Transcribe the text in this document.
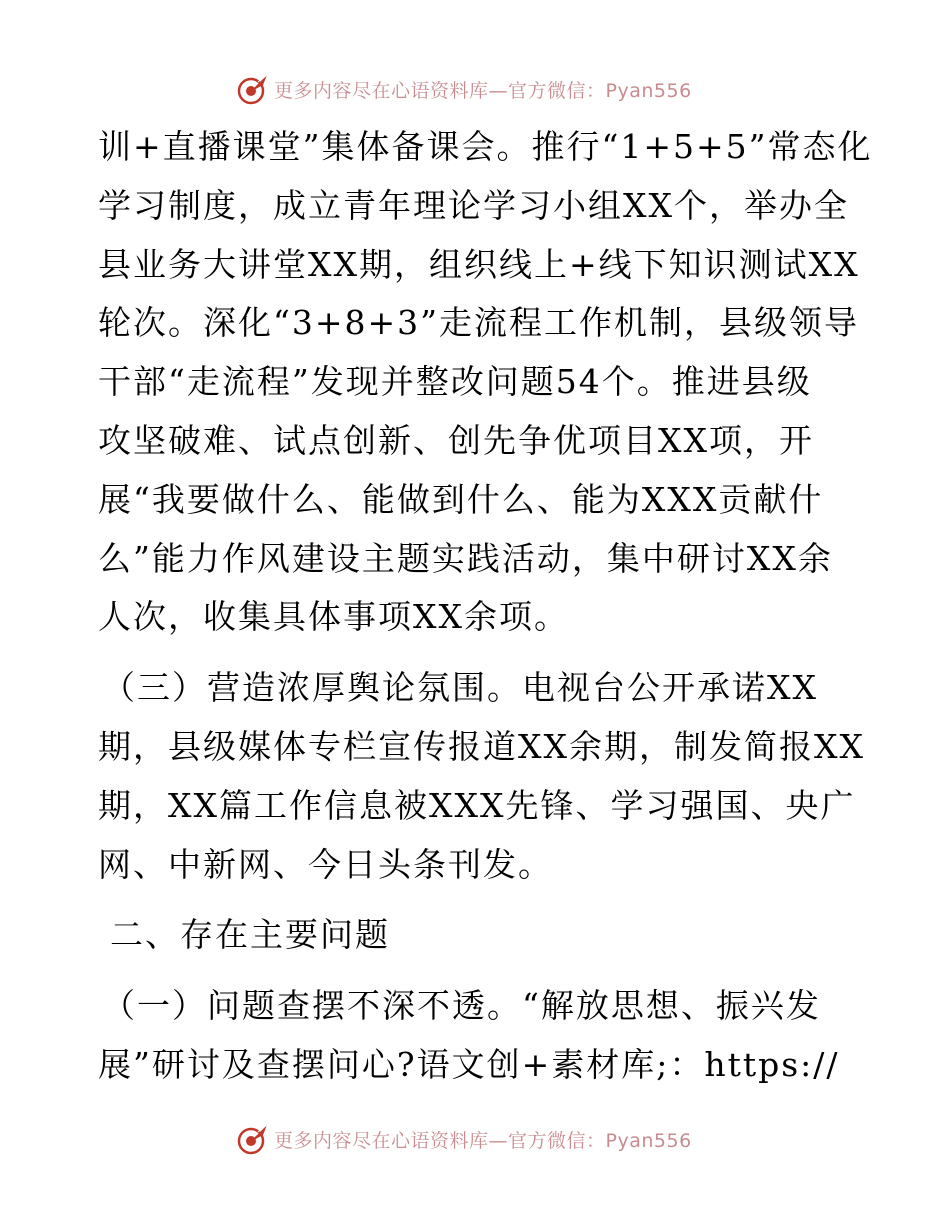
更多内容尽在心语资料库—官方微信：Pyan556
训+直播课堂”集体备课会。推行“1+5+5”常态化
学习制度，成立青年理论学习小组XX个，举办全
县业务大讲堂XX期，组织线上+线下知识测试XX
轮次。深化“3+8+3”走流程工作机制，县级领导
干部“走流程”发现并整改问题54个。推进县级
攻坚破难、试点创新、创先争优项目XX项，开
展“我要做什么、能做到什么、能为XXX贡献什
么”能力作风建设主题实践活动，集中研讨XX余
人次，收集具体事项XX余项。
（三）营造浓厚舆论氛围。电视台公开承诺XX
期，县级媒体专栏宣传报道XX余期，制发简报XX
期，XX篇工作信息被XXX先锋、学习强国、央广
网、中新网、今日头条刊发。
二、存在主要问题
（一）问题查摆不深不透。“解放思想、振兴发
展”研讨及查摆问心?语文创+素材库;：https://
更多内容尽在心语资料库—官方微信：Pyan556
